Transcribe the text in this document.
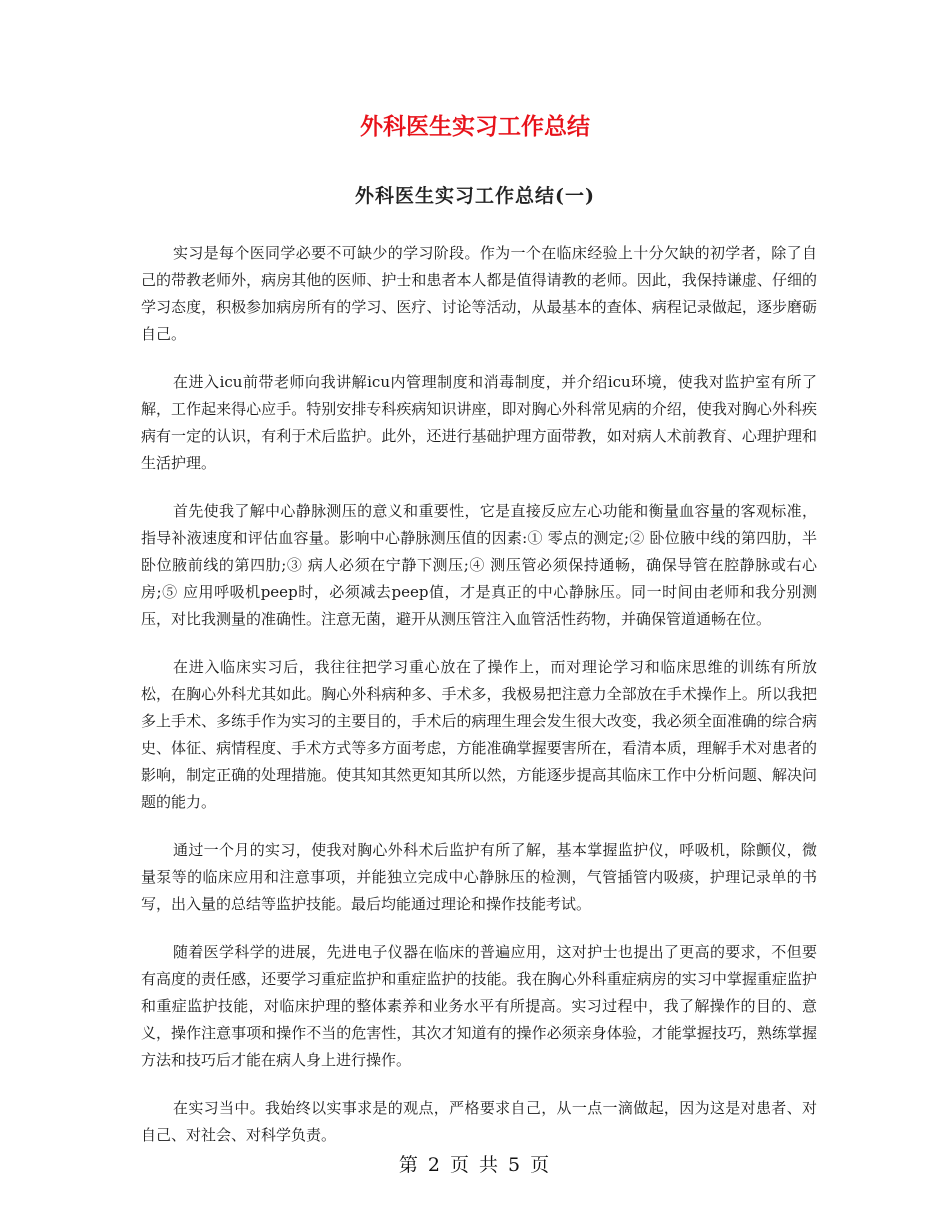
外科医生实习工作总结
外科医生实习工作总结(一)

实习是每个医同学必要不可缺少的学习阶段。作为一个在临床经验上十分欠缺的初学者，除了自己的带教老师外，病房其他的医师、护士和患者本人都是值得请教的老师。因此，我保持谦虚、仔细的学习态度，积极参加病房所有的学习、医疗、讨论等活动，从最基本的查体、病程记录做起，逐步磨砺自己。

在进入icu前带老师向我讲解icu内管理制度和消毒制度，并介绍icu环境，使我对监护室有所了解，工作起来得心应手。特别安排专科疾病知识讲座，即对胸心外科常见病的介绍，使我对胸心外科疾病有一定的认识，有利于术后监护。此外，还进行基础护理方面带教，如对病人术前教育、心理护理和生活护理。

首先使我了解中心静脉测压的意义和重要性，它是直接反应左心功能和衡量血容量的客观标准，指导补液速度和评估血容量。影响中心静脉测压值的因素:① 零点的测定;② 卧位腋中线的第四肋，半卧位腋前线的第四肋;③ 病人必须在宁静下测压;④ 测压管必须保持通畅，确保导管在腔静脉或右心房;⑤ 应用呼吸机peep时，必须减去peep值，才是真正的中心静脉压。同一时间由老师和我分别测压，对比我测量的准确性。注意无菌，避开从测压管注入血管活性药物，并确保管道通畅在位。

在进入临床实习后，我往往把学习重心放在了操作上，而对理论学习和临床思维的训练有所放松，在胸心外科尤其如此。胸心外科病种多、手术多，我极易把注意力全部放在手术操作上。所以我把多上手术、多练手作为实习的主要目的，手术后的病理生理会发生很大改变，我必须全面准确的综合病史、体征、病情程度、手术方式等多方面考虑，方能准确掌握要害所在，看清本质，理解手术对患者的影响，制定正确的处理措施。使其知其然更知其所以然，方能逐步提高其临床工作中分析问题、解决问题的能力。

通过一个月的实习，使我对胸心外科术后监护有所了解，基本掌握监护仪，呼吸机，除颤仪，微量泵等的临床应用和注意事项，并能独立完成中心静脉压的检测，气管插管内吸痰，护理记录单的书写，出入量的总结等监护技能。最后均能通过理论和操作技能考试。

随着医学科学的进展，先进电子仪器在临床的普遍应用，这对护士也提出了更高的要求，不但要有高度的责任感，还要学习重症监护和重症监护的技能。我在胸心外科重症病房的实习中掌握重症监护和重症监护技能，对临床护理的整体素养和业务水平有所提高。实习过程中，我了解操作的目的、意义，操作注意事项和操作不当的危害性，其次才知道有的操作必须亲身体验，才能掌握技巧，熟练掌握方法和技巧后才能在病人身上进行操作。

在实习当中。我始终以实事求是的观点，严格要求自己，从一点一滴做起，因为这是对患者、对自己、对社会、对科学负责。

第 2 页 共 5 页
